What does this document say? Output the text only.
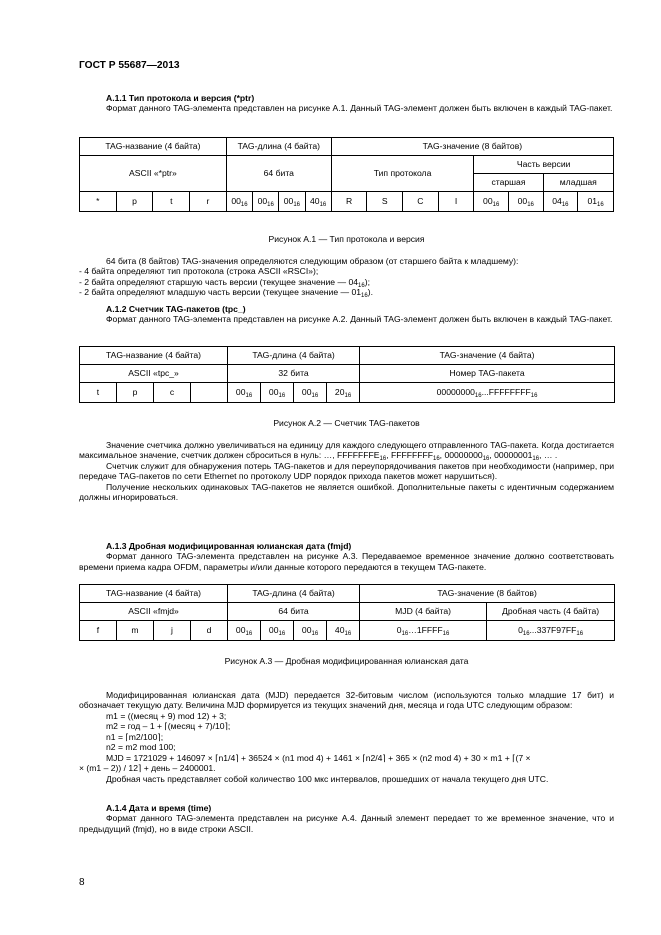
ГОСТ Р 55687—2013
А.1.1 Тип протокола и версия (*ptr)

Формат данного TAG-элемента представлен на рисунке А.1. Данный TAG-элемент должен быть включен в каждый TAG-пакет.

TAG-название (4 байта)				TAG-длина (4 байта)				TAG-значение (8 байтов)							
ASCII «*ptr»				64 бита				Тип протокола				Часть версии			
												старшая		младшая	
*	p	t	r	$00_{16}$	$00_{16}$	$00_{16}$	$40_{16}$	R	S	C	I	$00_{16}$	$00_{16}$	$04_{16}$	$01_{16}$
Рисунок А.1 — Тип протокола и версия

64 бита (8 байтов) TAG-значения определяются следующим образом (от старшего байта к младшему):

- 4 байта определяют тип протокола (строка ASCII «RSCI»);
- 2 байта определяют старшую часть версии (текущее значение — $04_{16}$);
- 2 байта определяют младшую часть версии (текущее значение — $01_{16}$).
А.1.2 Счетчик TAG-пакетов (tpc_)

Формат данного TAG-элемента представлен на рисунке А.2. Данный TAG-элемент должен быть включен в каждый TAG-пакет.

TAG-название (4 байта)				TAG-длина (4 байта)				TAG-значение (4 байта)
ASCII «tpc_»				32 бита				Номер TAG-пакета
t	p	c		$00_{16}$	$00_{16}$	$00_{16}$	$20_{16}$	$00000000_{16}...FFFFFFFF_{16}$
Рисунок А.2 — Счетчик TAG-пакетов

Значение счетчика должно увеличиваться на единицу для каждого следующего отправленного TAG-пакета. Когда достигается максимальное значение, счетчик должен сброситься в нуль: …, $FFFFFFFE_{16}$, $FFFFFFFF_{16}$, $00000000_{16}$, $00000001_{16}$, … .

Счетчик служит для обнаружения потерь TAG-пакетов и для переупорядочивания пакетов при необходимости (например, при передаче TAG-пакетов по сети Ethernet по протоколу UDP порядок прихода пакетов может нарушиться).

Получение нескольких одинаковых TAG-пакетов не является ошибкой. Дополнительные пакеты с идентичным содержанием должны игнорироваться.

А.1.3 Дробная модифицированная юлианская дата (fmjd)

Формат данного TAG-элемента представлен на рисунке А.3. Передаваемое временное значение должно соответствовать времени приема кадра OFDM, параметры и/или данные которого передаются в текущем TAG-пакете.

TAG-название (4 байта)				TAG-длина (4 байта)				TAG-значение (8 байтов)	
ASCII «fmjd»				64 бита				MJD (4 байта)	Дробная часть (4 байта)
f	m	j	d	$00_{16}$	$00_{16}$	$00_{16}$	$40_{16}$	$0_{16}\dots 1FFFF_{16}$	$0_{16}...337F97FF_{16}$
Рисунок А.3 — Дробная модифицированная юлианская дата

Модифицированная юлианская дата (MJD) передается 32-битовым числом (используются только младшие 17 бит) и обозначает текущую дату. Величина MJD формируется из текущих значений дня, месяца и года UTC следующим образом:

m1 = ((месяц + 9) mod 12) + 3;
m2 = год – 1 + ⌈(месяц + 7)/10⌉;
n1 = ⌈m2/100⌉;
n2 = m2 mod 100;
MJD = 1721029 + 146097 × ⌈n1/4⌉ + 36524 × (n1 mod 4) + 1461 × ⌈n2/4⌉ + 365 × (n2 mod 4) + 30 × m1 + ⌈(7 ×
× (m1 – 2)) / 12⌉ + день – 2400001.

Дробная часть представляет собой количество 100 мкс интервалов, прошедших от начала текущего дня UTC.

А.1.4 Дата и время (time)

Формат данного TAG-элемента представлен на рисунке А.4. Данный элемент передает то же временное значение, что и предыдущий (fmjd), но в виде строки ASCII.

8
